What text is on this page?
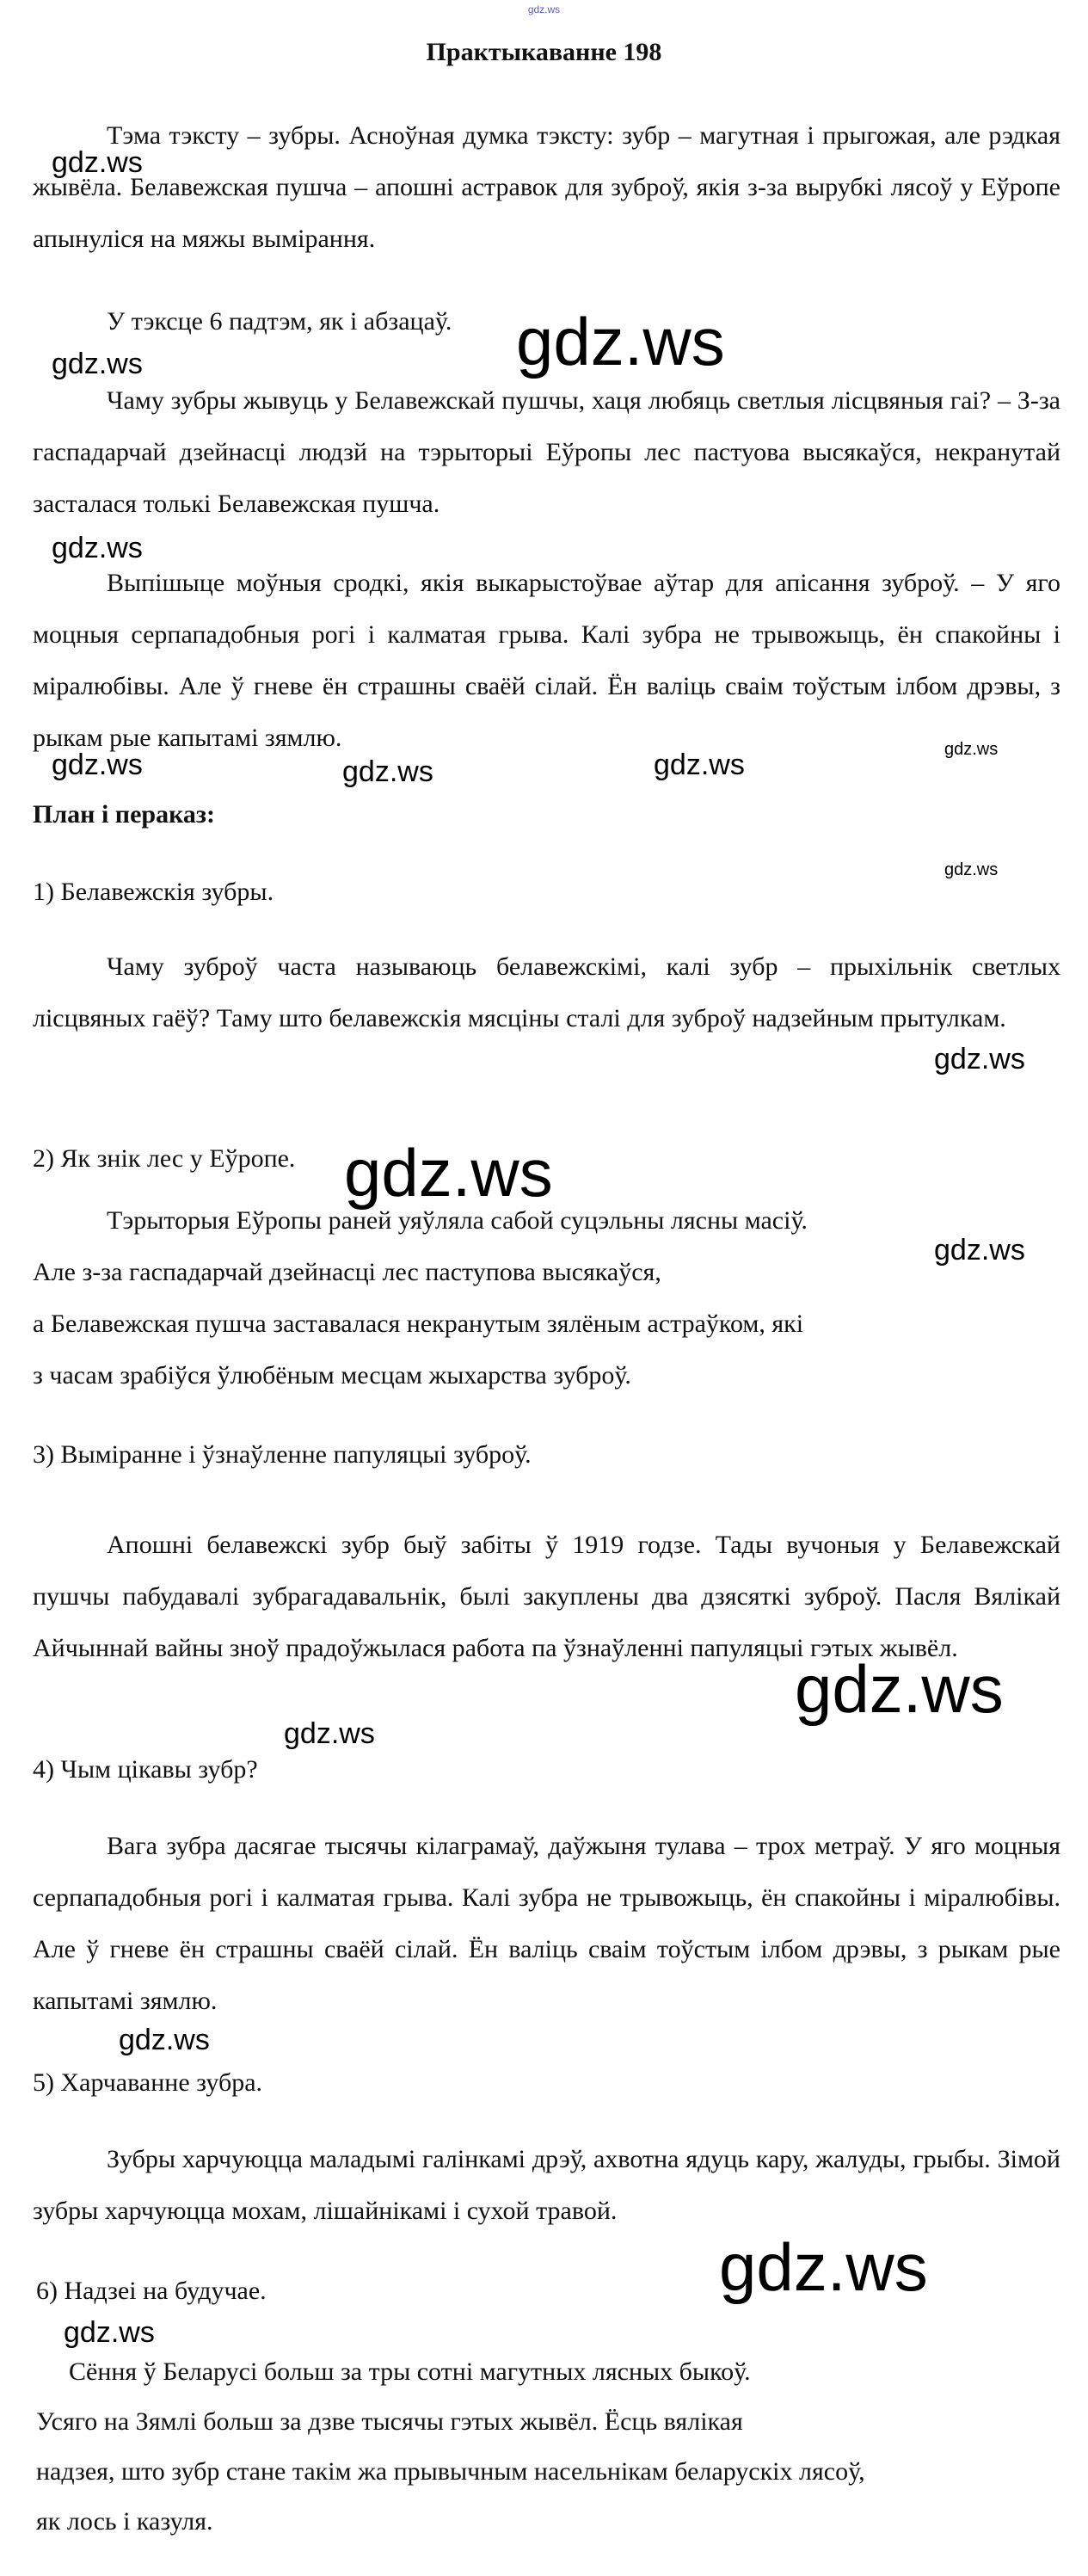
gdz.ws
Практыкаванне 198

Тэма тэксту – зубры. Асноўная думка тэксту: зубр – магутная і прыгожая, але рэдкая жывёла. Белавежская пушча – апошні астравок для зуброў, якія з-за вырубкі лясоў у Еўропе апынуліся на мяжы вымірання.

У тэксце 6 падтэм, як і абзацаў.

Чаму зубры жывуць у Белавежскай пушчы, хаця любяць светлыя лісцвяныя гаі? – З-за гаспадарчай дзейнасці людзй на тэрыторыі Еўропы лес пастуова высякаўся, некранутай засталася толькі Белавежская пушча.

Выпішыце моўныя сродкі, якія выкарыстоўвае аўтар для апісання зуброў. – У яго моцныя серпападобныя рогі і калматая грыва. Калі зубра не трывожыць, ён спакойны і міралюбівы. Але ў гневе ён страшны сваёй сілай. Ён валіць сваім тоўстым ілбом дрэвы, з рыкам рые капытамі зямлю.

План і пераказ:

1) Белавежскія зубры.

Чаму зуброў часта называюць белавежскімі, калі зубр – прыхільнік светлых лісцвяных гаёў? Таму што белавежскія мясціны сталі для зуброў надзейным прытулкам.

2) Як знік лес у Еўропе.

Тэрыторыя Еўропы раней уяўляла сабой суцэльны лясны масіў.

Але з-за гаспадарчай дзейнасці лес паступова высякаўся,

а Белавежская пушча заставалася некранутым зялёным астраўком, які

з часам зрабіўся ўлюбёным месцам жыхарства зуброў.

3) Выміранне і ўзнаўленне папуляцыі зуброў.

Апошні белавежскі зубр быў забіты ў 1919 годзе. Тады вучоныя у Белавежскай пушчы пабудавалі зубрагадавальнік, былі закуплены два дзясяткі зуброў. Пасля Вялікай Айчыннай вайны зноў прадоўжылася работа па ўзнаўленні папуляцыі гэтых жывёл.

4) Чым цікавы зубр?

Вага зубра дасягае тысячы кілаграмаў, даўжыня тулава – трох метраў. У яго моцныя серпападобныя рогі і калматая грыва. Калі зубра не трывожыць, ён спакойны і міралюбівы. Але ў гневе ён страшны сваёй сілай. Ён валіць сваім тоўстым ілбом дрэвы, з рыкам рые капытамі зямлю.

5) Харчаванне зубра.

Зубры харчуюцца маладымі галінкамі дрэў, ахвотна ядуць кару, жалуды, грыбы. Зімой зубры харчуюцца мохам, лішайнікамі і сухой травой.

6) Надзеі на будучае.

Сёння ў Беларусі больш за тры сотні магутных лясных быкоў.

Усяго на Зямлі больш за дзве тысячы гэтых жывёл. Ёсць вялікая

надзея, што зубр стане такім жа прывычным насельнікам беларускіх лясоў,

як лось і казуля.

gdz.ws
gdz.ws
gdz.ws
gdz.ws
gdz.ws
gdz.ws	gdz.ws	gdz.ws
gdz.ws
gdz.ws
gdz.ws
gdz.ws
gdz.ws
gdz.ws
gdz.ws
gdz.ws
gdz.ws
